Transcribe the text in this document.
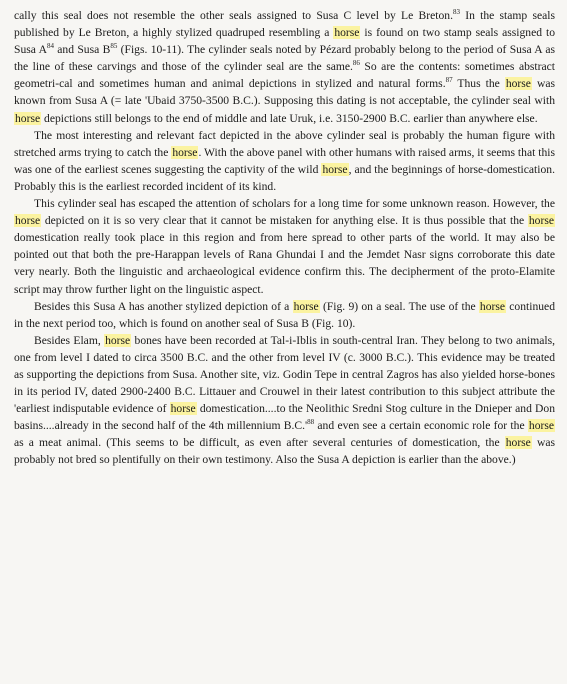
cally this seal does not resemble the other seals assigned to Susa C level by Le Breton.$^{83}$ In the stamp seals published by Le Breton, a highly stylized quadruped resembling a horse is found on two stamp seals assigned to Susa $A^{84}$ and Susa $B^{85}$ (Figs. 10-11). The cylinder seals noted by Pézard probably belong to the period of Susa A as the line of these carvings and those of the cylinder seal are the same.$^{86}$ So are the contents: sometimes abstract geometri-cal and sometimes human and animal depictions in stylized and natural forms.$^{87}$ Thus the horse was known from Susa A (= late 'Ubaid 3750-3500 B.C.). Supposing this dating is not acceptable, the cylinder seal with horse depictions still belongs to the end of middle and late Uruk, i.e. 3150-2900 B.C. earlier than anywhere else.

The most interesting and relevant fact depicted in the above cylinder seal is probably the human figure with stretched arms trying to catch the horse. With the above panel with other humans with raised arms, it seems that this was one of the earliest scenes suggesting the captivity of the wild horse, and the beginnings of horse-domestication. Probably this is the earliest recorded incident of its kind.

This cylinder seal has escaped the attention of scholars for a long time for some unknown reason. However, the horse depicted on it is so very clear that it cannot be mistaken for anything else. It is thus possible that the horse domestication really took place in this region and from here spread to other parts of the world. It may also be pointed out that both the pre-Harappan levels of Rana Ghundai I and the Jemdet Nasr signs corroborate this date very nearly. Both the linguistic and archaeological evidence confirm this. The decipherment of the proto-Elamite script may throw further light on the linguistic aspect.

Besides this Susa A has another stylized depiction of a horse (Fig. 9) on a seal. The use of the horse continued in the next period too, which is found on another seal of Susa B (Fig. 10).

Besides Elam, horse bones have been recorded at Tal-i-Iblis in south-central Iran. They belong to two animals, one from level I dated to circa 3500 B.C. and the other from level IV (c. 3000 B.C.). This evidence may be treated as supporting the depictions from Susa. Another site, viz. Godin Tepe in central Zagros has also yielded horse-bones in its period IV, dated 2900-2400 B.C. Littauer and Crouwel in their latest contribution to this subject attribute the 'earliest indisputable evidence of horse domestication....to the Neolithic Sredni Stog culture in the Dnieper and Don basins....already in the second half of the 4th millennium $B.C.'^{88}$ and even see a certain economic role for the horse as a meat animal. (This seems to be difficult, as even after several centuries of domestication, the horse was probably not bred so plentifully on their own testimony. Also the Susa A depiction is earlier than the above.)
